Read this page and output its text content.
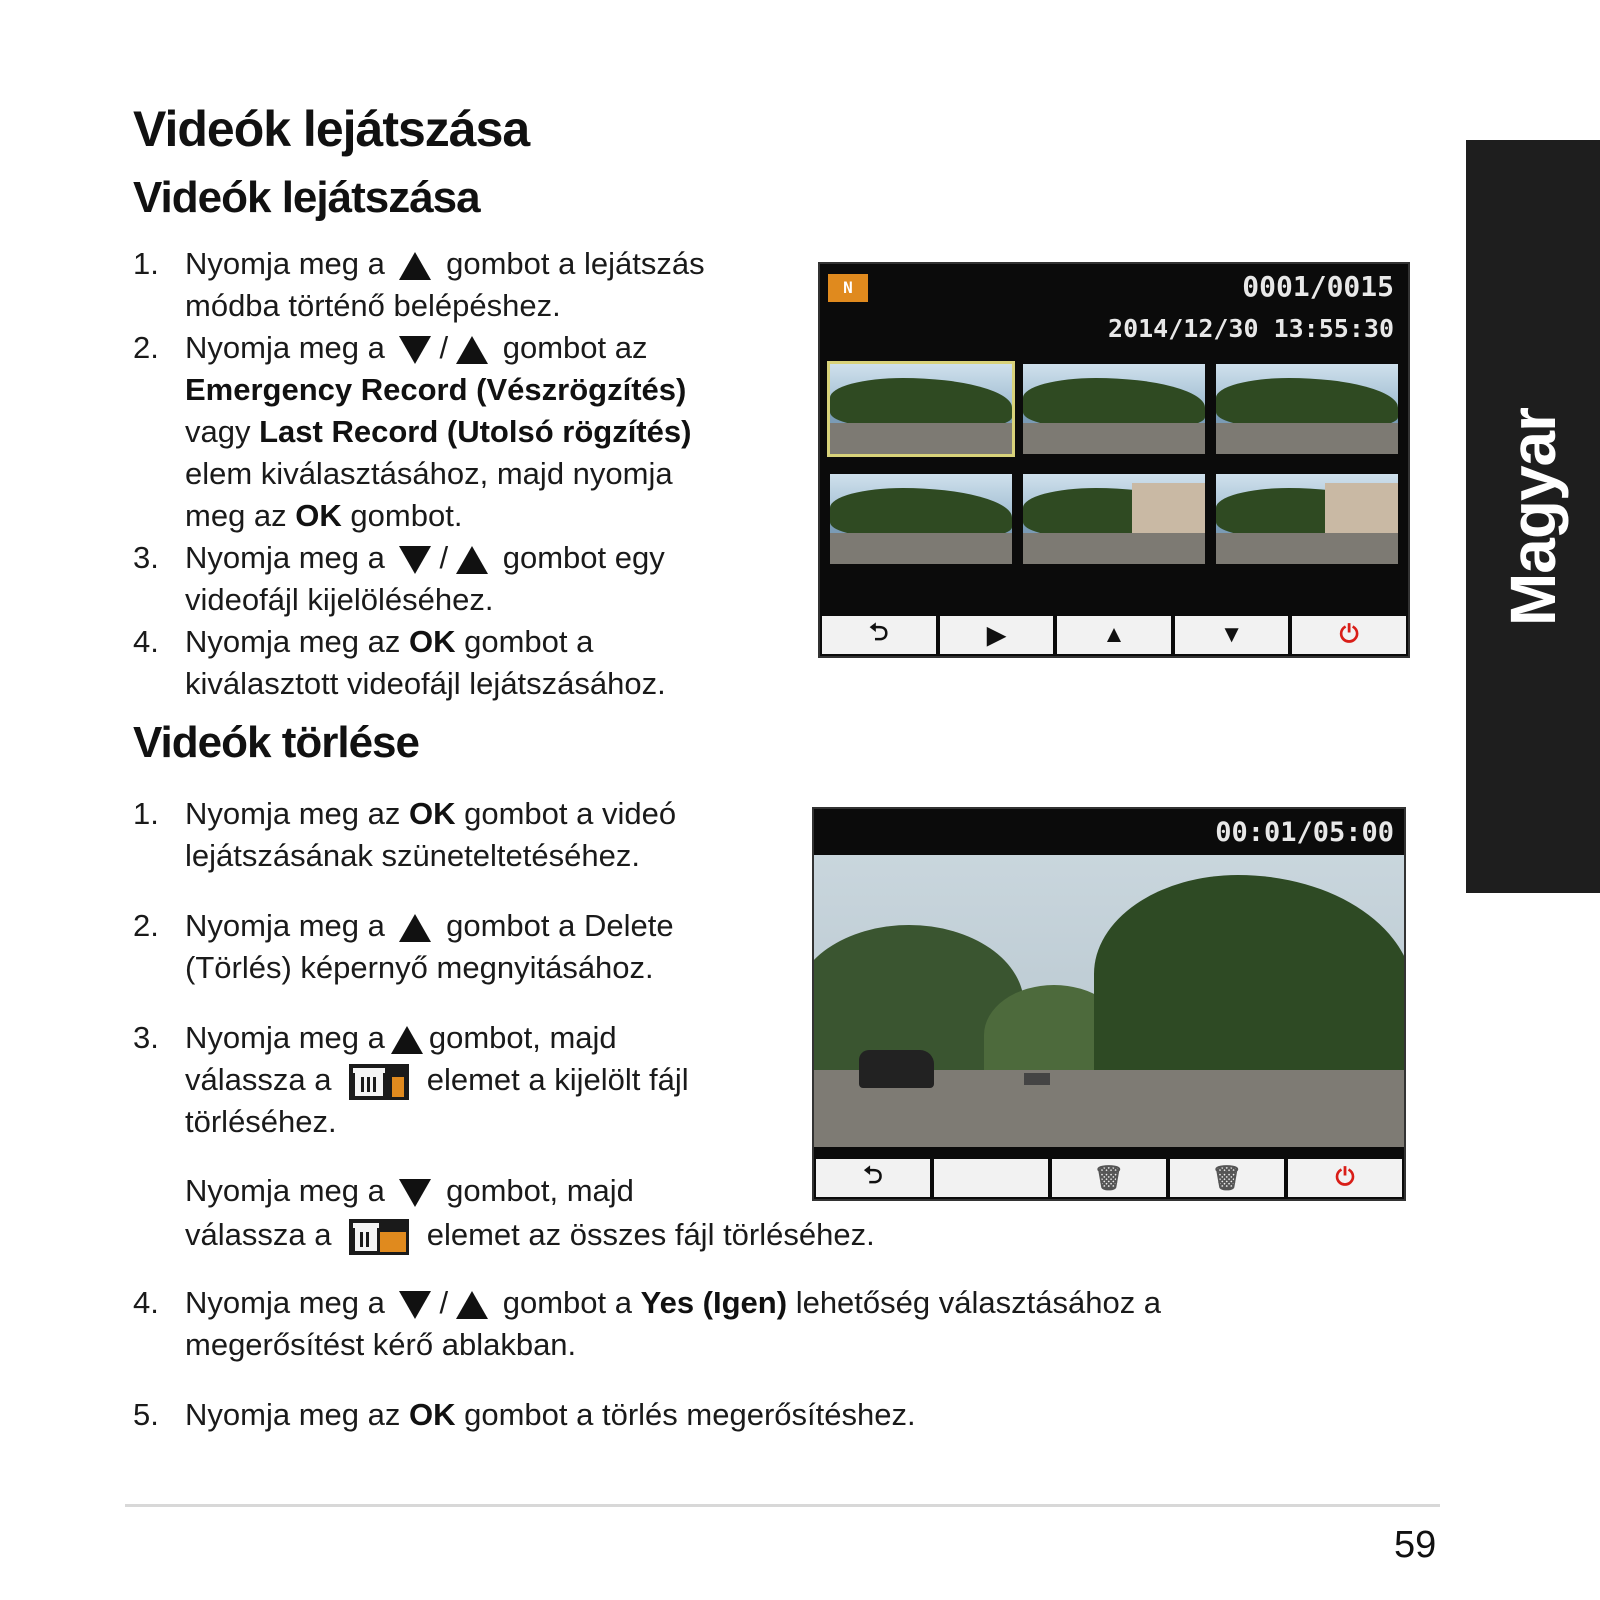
Videók lejátszása
Videók lejátszása
1. Nyomja meg a gombot a lejátszás
módba történő belépéshez.
2. Nyomja meg a / gombot az
Emergency Record (Vészrögzítés)
vagy Last Record (Utolsó rögzítés)
elem kiválasztásához, majd nyomja
meg az OK gombot.
3. Nyomja meg a / gombot egy
videofájl kijelöléséhez.
4. Nyomja meg az OK gombot a
kiválasztott videofájl lejátszásához.
Videók törlése
1. Nyomja meg az OK gombot a videó
lejátszásának szüneteltetéséhez.
2. Nyomja meg a gombot a Delete
(Törlés) képernyő megnyitásához.
3. Nyomja meg a gombot, majd
válassza a	elemet a kijelölt fájl
törléséhez.
Nyomja meg a gombot, majd
válassza a	elemet az összes fájl törléséhez.
4. Nyomja meg a / gombot a Yes (Igen) lehetőség választásához a
megerősítést kérő ablakban.
5. Nyomja meg az OK gombot a törlés megerősítéshez.
Magyar
N	0001/0015
2014/12/30 13:55:30
⮌	▶	▲	▼	⏻
00:01/05:00
⮌	🗑	🗑	⏻
59
